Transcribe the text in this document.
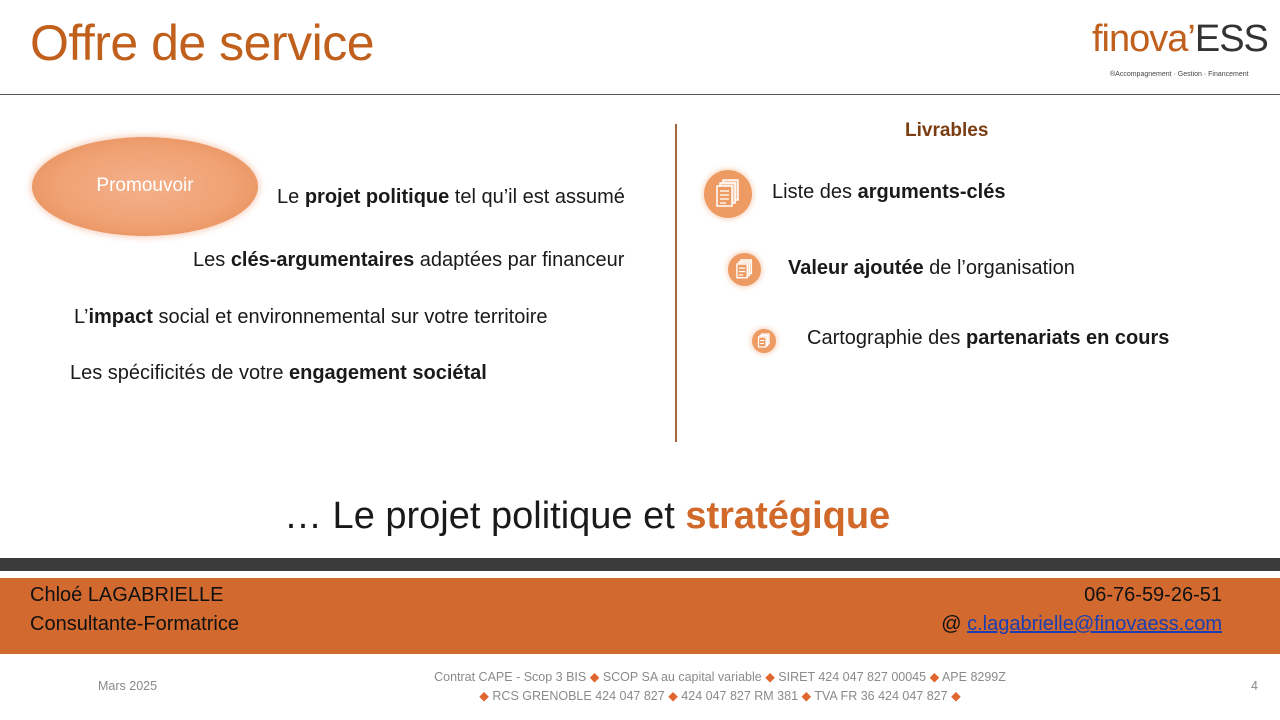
Offre de service	finova’ESS
®Accompagnement · Gestion · Financement
Promouvoir
Le projet politique tel qu’il est assumé
Les clés-argumentaires adaptées par financeur
L’impact social et environnemental sur votre territoire
Les spécificités de votre engagement sociétal
Livrables
Liste des arguments-clés
Valeur ajoutée de l’organisation
Cartographie des partenariats en cours
… Le projet politique et stratégique
Chloé LAGABRIELLE
Consultante-Formatrice
06-76-59-26-51
@ c.lagabrielle@finovaess.com
Mars 2025
Contrat CAPE - Scop 3 BIS ◆ SCOP SA au capital variable ◆ SIRET 424 047 827 00045 ◆ APE 8299Z
◆ RCS GRENOBLE 424 047 827 ◆ 424 047 827 RM 381 ◆ TVA FR 36 424 047 827 ◆
4
